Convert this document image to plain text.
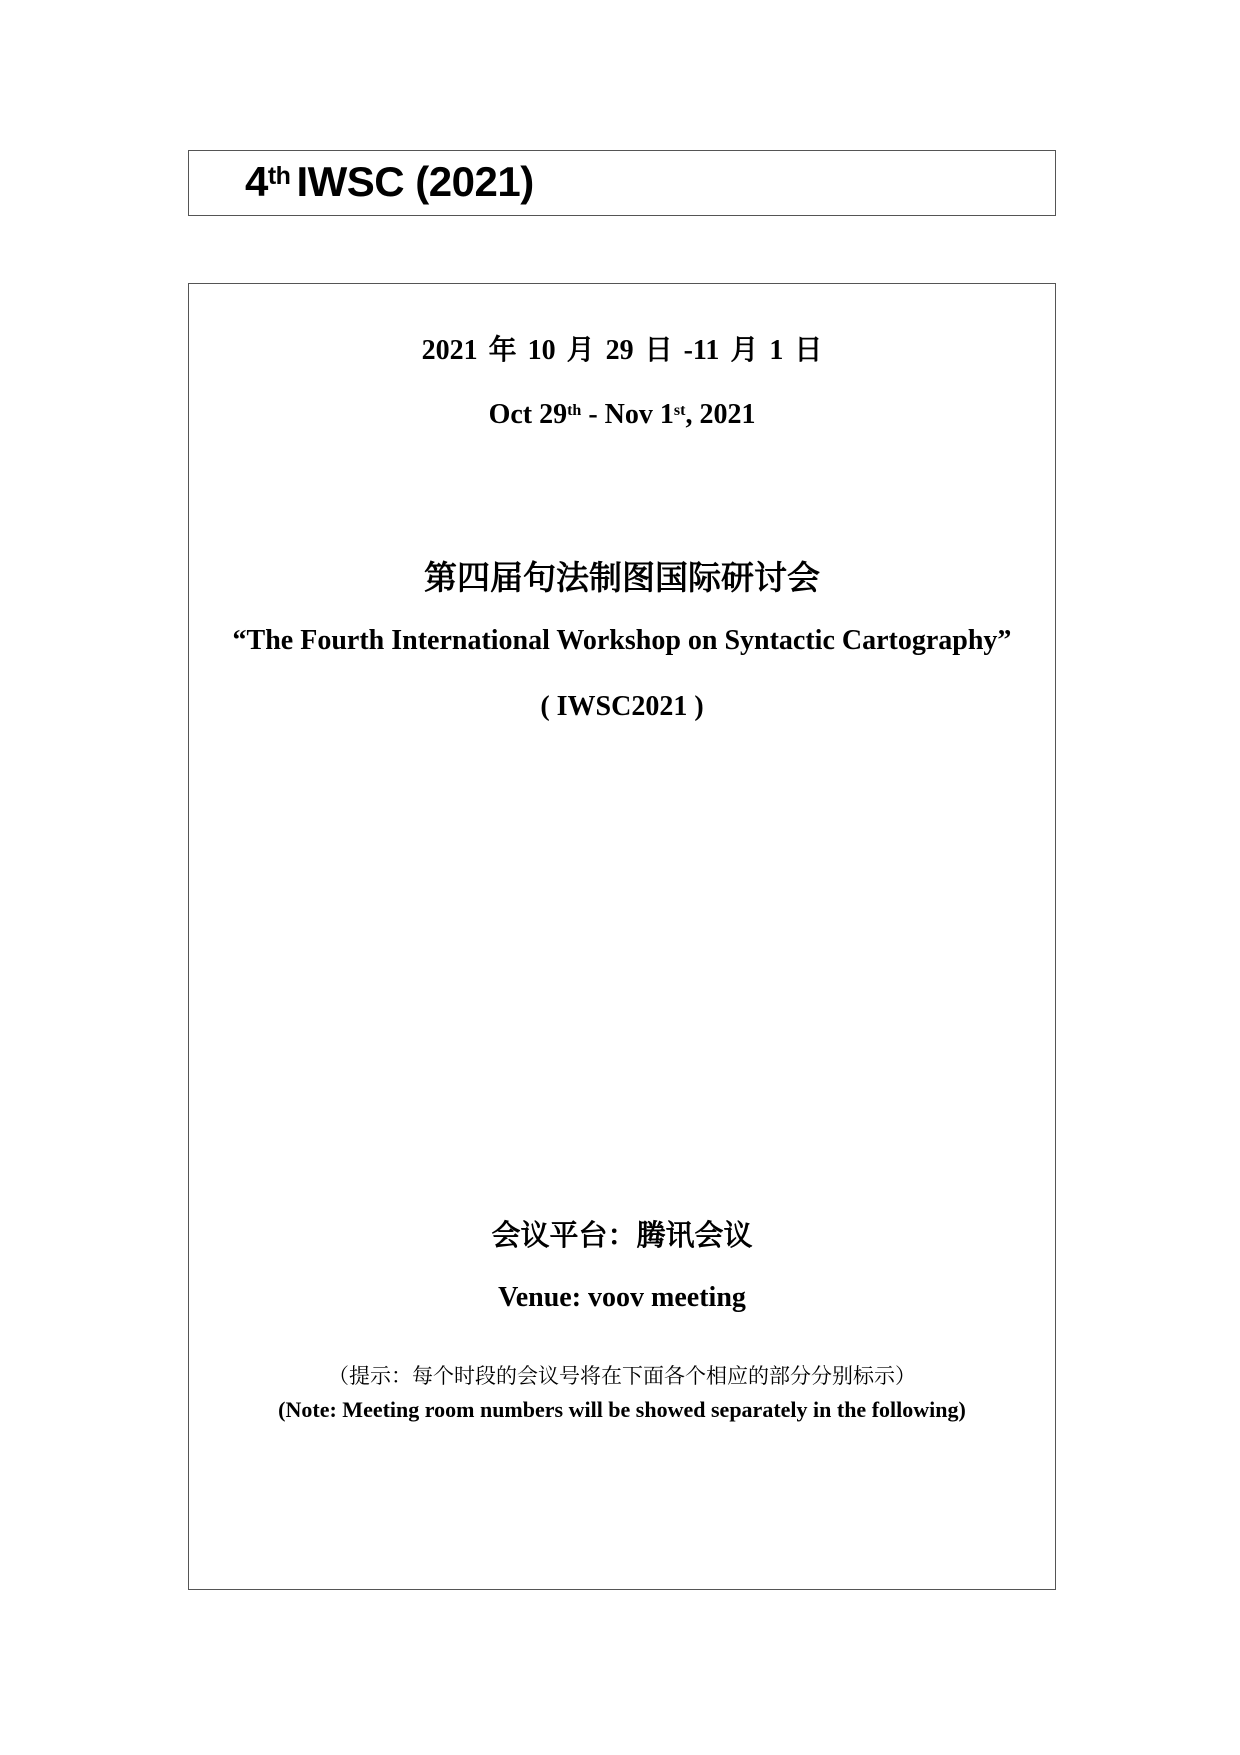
4th IWSC (2021)
2021 年 10 月 29 日 -11 月 1 日
Oct 29th - Nov 1st, 2021
第四届句法制图国际研讨会
“The Fourth International Workshop on Syntactic Cartography”
( IWSC2021 )
会议平台：腾讯会议
Venue: voov meeting
（提示：每个时段的会议号将在下面各个相应的部分分别标示）
(Note: Meeting room numbers will be showed separately in the following)
